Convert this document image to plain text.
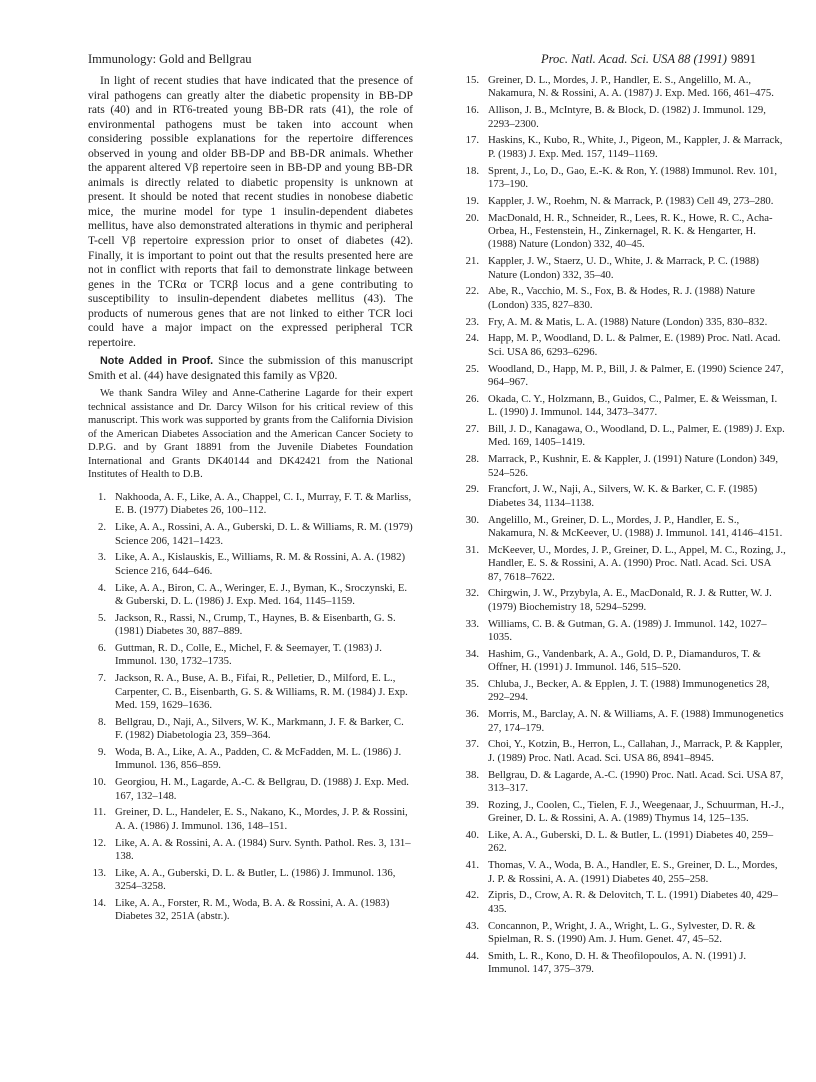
Immunology: Gold and Bellgrau	Proc. Natl. Acad. Sci. USA 88 (1991) 9891

In light of recent studies that have indicated that the presence of viral pathogens can greatly alter the diabetic propensity in BB-DP rats (40) and in RT6-treated young BB-DR rats (41), the role of environmental pathogens must be taken into account when considering possible explanations for the repertoire differences observed in young and older BB-DP and BB-DR animals. Whether the apparent altered Vβ repertoire seen in BB-DP and young BB-DR animals is directly related to diabetic propensity is unknown at present. It should be noted that recent studies in nonobese diabetic mice, the murine model for type 1 insulin-dependent diabetes mellitus, have also demonstrated alterations in thymic and peripheral T-cell Vβ repertoire expression prior to onset of diabetes (42). Finally, it is important to point out that the results presented here are not in conflict with reports that fail to demonstrate linkage between genes in the TCRα or TCRβ locus and a gene contributing to susceptibility to insulin-dependent diabetes mellitus (43). The products of numerous genes that are not linked to either TCR loci could have a major impact on the expressed peripheral TCR repertoire.

Note Added in Proof. Since the submission of this manuscript Smith et al. (44) have designated this family as Vβ20.

We thank Sandra Wiley and Anne-Catherine Lagarde for their expert technical assistance and Dr. Darcy Wilson for his critical review of this manuscript. This work was supported by grants from the California Division of the American Diabetes Association and the American Cancer Society to D.P.G. and by Grant 18891 from the Juvenile Diabetes Foundation International and Grants DK40144 and DK42421 from the National Institutes of Health to D.B.

1. Nakhooda, A. F., Like, A. A., Chappel, C. I., Murray, F. T. & Marliss, E. B. (1977) Diabetes 26, 100–112.
2. Like, A. A., Rossini, A. A., Guberski, D. L. & Williams, R. M. (1979) Science 206, 1421–1423.
3. Like, A. A., Kislauskis, E., Williams, R. M. & Rossini, A. A. (1982) Science 216, 644–646.
4. Like, A. A., Biron, C. A., Weringer, E. J., Byman, K., Sroczynski, E. & Guberski, D. L. (1986) J. Exp. Med. 164, 1145–1159.
5. Jackson, R., Rassi, N., Crump, T., Haynes, B. & Eisenbarth, G. S. (1981) Diabetes 30, 887–889.
6. Guttman, R. D., Colle, E., Michel, F. & Seemayer, T. (1983) J. Immunol. 130, 1732–1735.
7. Jackson, R. A., Buse, A. B., Fifai, R., Pelletier, D., Milford, E. L., Carpenter, C. B., Eisenbarth, G. S. & Williams, R. M. (1984) J. Exp. Med. 159, 1629–1636.
8. Bellgrau, D., Naji, A., Silvers, W. K., Markmann, J. F. & Barker, C. F. (1982) Diabetologia 23, 359–364.
9. Woda, B. A., Like, A. A., Padden, C. & McFadden, M. L. (1986) J. Immunol. 136, 856–859.
10. Georgiou, H. M., Lagarde, A.-C. & Bellgrau, D. (1988) J. Exp. Med. 167, 132–148.
11. Greiner, D. L., Handeler, E. S., Nakano, K., Mordes, J. P. & Rossini, A. A. (1986) J. Immunol. 136, 148–151.
12. Like, A. A. & Rossini, A. A. (1984) Surv. Synth. Pathol. Res. 3, 131–138.
13. Like, A. A., Guberski, D. L. & Butler, L. (1986) J. Immunol. 136, 3254–3258.
14. Like, A. A., Forster, R. M., Woda, B. A. & Rossini, A. A. (1983) Diabetes 32, 251A (abstr.).
15. Greiner, D. L., Mordes, J. P., Handler, E. S., Angelillo, M. A., Nakamura, N. & Rossini, A. A. (1987) J. Exp. Med. 166, 461–475.
16. Allison, J. B., McIntyre, B. & Block, D. (1982) J. Immunol. 129, 2293–2300.
17. Haskins, K., Kubo, R., White, J., Pigeon, M., Kappler, J. & Marrack, P. (1983) J. Exp. Med. 157, 1149–1169.
18. Sprent, J., Lo, D., Gao, E.-K. & Ron, Y. (1988) Immunol. Rev. 101, 173–190.
19. Kappler, J. W., Roehm, N. & Marrack, P. (1983) Cell 49, 273–280.
20. MacDonald, H. R., Schneider, R., Lees, R. K., Howe, R. C., Acha-Orbea, H., Festenstein, H., Zinkernagel, R. K. & Hengarter, H. (1988) Nature (London) 332, 40–45.
21. Kappler, J. W., Staerz, U. D., White, J. & Marrack, P. C. (1988) Nature (London) 332, 35–40.
22. Abe, R., Vacchio, M. S., Fox, B. & Hodes, R. J. (1988) Nature (London) 335, 827–830.
23. Fry, A. M. & Matis, L. A. (1988) Nature (London) 335, 830–832.
24. Happ, M. P., Woodland, D. L. & Palmer, E. (1989) Proc. Natl. Acad. Sci. USA 86, 6293–6296.
25. Woodland, D., Happ, M. P., Bill, J. & Palmer, E. (1990) Science 247, 964–967.
26. Okada, C. Y., Holzmann, B., Guidos, C., Palmer, E. & Weissman, I. L. (1990) J. Immunol. 144, 3473–3477.
27. Bill, J. D., Kanagawa, O., Woodland, D. L., Palmer, E. (1989) J. Exp. Med. 169, 1405–1419.
28. Marrack, P., Kushnir, E. & Kappler, J. (1991) Nature (London) 349, 524–526.
29. Francfort, J. W., Naji, A., Silvers, W. K. & Barker, C. F. (1985) Diabetes 34, 1134–1138.
30. Angelillo, M., Greiner, D. L., Mordes, J. P., Handler, E. S., Nakamura, N. & McKeever, U. (1988) J. Immunol. 141, 4146–4151.
31. McKeever, U., Mordes, J. P., Greiner, D. L., Appel, M. C., Rozing, J., Handler, E. S. & Rossini, A. A. (1990) Proc. Natl. Acad. Sci. USA 87, 7618–7622.
32. Chirgwin, J. W., Przybyla, A. E., MacDonald, R. J. & Rutter, W. J. (1979) Biochemistry 18, 5294–5299.
33. Williams, C. B. & Gutman, G. A. (1989) J. Immunol. 142, 1027–1035.
34. Hashim, G., Vandenbark, A. A., Gold, D. P., Diamanduros, T. & Offner, H. (1991) J. Immunol. 146, 515–520.
35. Chluba, J., Becker, A. & Epplen, J. T. (1988) Immunogenetics 28, 292–294.
36. Morris, M., Barclay, A. N. & Williams, A. F. (1988) Immunogenetics 27, 174–179.
37. Choi, Y., Kotzin, B., Herron, L., Callahan, J., Marrack, P. & Kappler, J. (1989) Proc. Natl. Acad. Sci. USA 86, 8941–8945.
38. Bellgrau, D. & Lagarde, A.-C. (1990) Proc. Natl. Acad. Sci. USA 87, 313–317.
39. Rozing, J., Coolen, C., Tielen, F. J., Weegenaar, J., Schuurman, H.-J., Greiner, D. L. & Rossini, A. A. (1989) Thymus 14, 125–135.
40. Like, A. A., Guberski, D. L. & Butler, L. (1991) Diabetes 40, 259–262.
41. Thomas, V. A., Woda, B. A., Handler, E. S., Greiner, D. L., Mordes, J. P. & Rossini, A. A. (1991) Diabetes 40, 255–258.
42. Zipris, D., Crow, A. R. & Delovitch, T. L. (1991) Diabetes 40, 429–435.
43. Concannon, P., Wright, J. A., Wright, L. G., Sylvester, D. R. & Spielman, R. S. (1990) Am. J. Hum. Genet. 47, 45–52.
44. Smith, L. R., Kono, D. H. & Theofilopoulos, A. N. (1991) J. Immunol. 147, 375–379.
